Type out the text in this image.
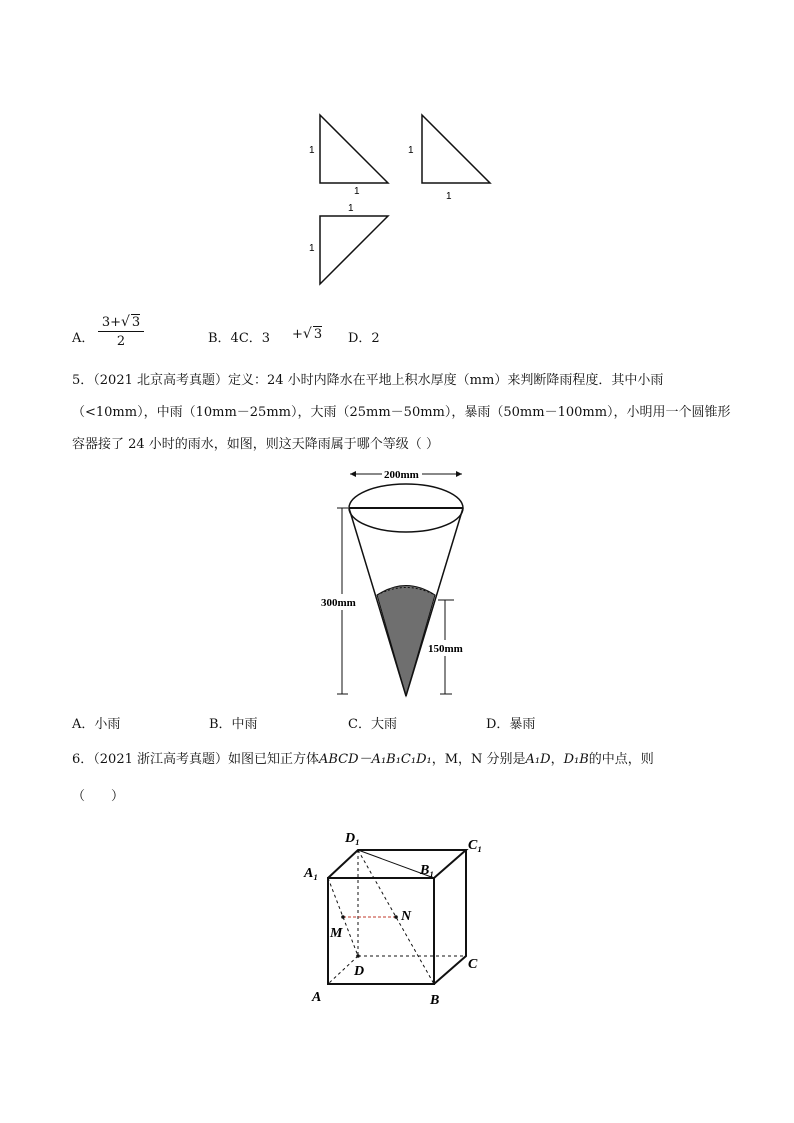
1
1
1
1
1
1
A．
3+√ 3
2	B．4C．3 +√ 3 D．2
5．（2021 北京高考真题）定义：24 小时内降水在平地上积水厚度（mm）来判断降雨程度．其中小雨
（<10mm），中雨（10mm－25mm），大雨（25mm－50mm），暴雨（50mm－100mm），小明用一个圆锥形
容器接了 24 小时的雨水，如图，则这天降雨属于哪个等级（ ）
200mm
300mm
150mm
A．小雨	B．中雨	C．大雨	D．暴雨
6．（2021 浙江高考真题）如图已知正方体ABCD－A₁B₁C₁D₁，M，N 分别是A₁D，D₁B的中点，则
（　　）
D₁	C₁
A₁	B₁
N
M
D	C
A	B
